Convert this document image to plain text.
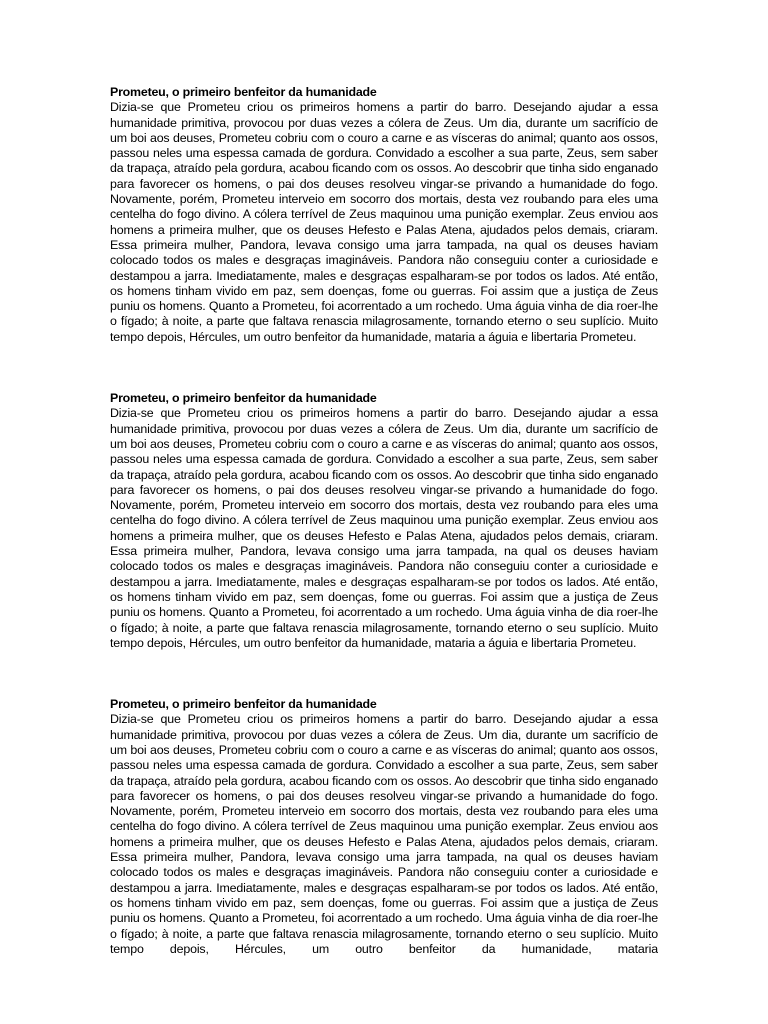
Prometeu, o primeiro benfeitor da humanidade

Dizia-se que Prometeu criou os primeiros homens a partir do barro. Desejando ajudar a essa humanidade primitiva, provocou por duas vezes a cólera de Zeus. Um dia, durante um sacrifício de um boi aos deuses, Prometeu cobriu com o couro a carne e as vísceras do animal; quanto aos ossos, passou neles uma espessa camada de gordura. Convidado a escolher a sua parte, Zeus, sem saber da trapaça, atraído pela gordura, acabou ficando com os ossos. Ao descobrir que tinha sido enganado para favorecer os homens, o pai dos deuses resolveu vingar-se privando a humanidade do fogo. Novamente, porém, Prometeu interveio em socorro dos mortais, desta vez roubando para eles uma centelha do fogo divino. A cólera terrível de Zeus maquinou uma punição exemplar. Zeus enviou aos homens a primeira mulher, que os deuses Hefesto e Palas Atena, ajudados pelos demais, criaram. Essa primeira mulher, Pandora, levava consigo uma jarra tampada, na qual os deuses haviam colocado todos os males e desgraças imagináveis. Pandora não conseguiu conter a curiosidade e destampou a jarra. Imediatamente, males e desgraças espalharam-se por todos os lados. Até então, os homens tinham vivido em paz, sem doenças, fome ou guerras. Foi assim que a justiça de Zeus puniu os homens. Quanto a Prometeu, foi acorrentado a um rochedo. Uma águia vinha de dia roer-lhe o fígado; à noite, a parte que faltava renascia milagrosamente, tornando eterno o seu suplício. Muito tempo depois, Hércules, um outro benfeitor da humanidade, mataria a águia e libertaria Prometeu.

Prometeu, o primeiro benfeitor da humanidade

Dizia-se que Prometeu criou os primeiros homens a partir do barro. Desejando ajudar a essa humanidade primitiva, provocou por duas vezes a cólera de Zeus. Um dia, durante um sacrifício de um boi aos deuses, Prometeu cobriu com o couro a carne e as vísceras do animal; quanto aos ossos, passou neles uma espessa camada de gordura. Convidado a escolher a sua parte, Zeus, sem saber da trapaça, atraído pela gordura, acabou ficando com os ossos. Ao descobrir que tinha sido enganado para favorecer os homens, o pai dos deuses resolveu vingar-se privando a humanidade do fogo. Novamente, porém, Prometeu interveio em socorro dos mortais, desta vez roubando para eles uma centelha do fogo divino. A cólera terrível de Zeus maquinou uma punição exemplar. Zeus enviou aos homens a primeira mulher, que os deuses Hefesto e Palas Atena, ajudados pelos demais, criaram. Essa primeira mulher, Pandora, levava consigo uma jarra tampada, na qual os deuses haviam colocado todos os males e desgraças imagináveis. Pandora não conseguiu conter a curiosidade e destampou a jarra. Imediatamente, males e desgraças espalharam-se por todos os lados. Até então, os homens tinham vivido em paz, sem doenças, fome ou guerras. Foi assim que a justiça de Zeus puniu os homens. Quanto a Prometeu, foi acorrentado a um rochedo. Uma águia vinha de dia roer-lhe o fígado; à noite, a parte que faltava renascia milagrosamente, tornando eterno o seu suplício. Muito tempo depois, Hércules, um outro benfeitor da humanidade, mataria a águia e libertaria Prometeu.

Prometeu, o primeiro benfeitor da humanidade

Dizia-se que Prometeu criou os primeiros homens a partir do barro. Desejando ajudar a essa humanidade primitiva, provocou por duas vezes a cólera de Zeus. Um dia, durante um sacrifício de um boi aos deuses, Prometeu cobriu com o couro a carne e as vísceras do animal; quanto aos ossos, passou neles uma espessa camada de gordura. Convidado a escolher a sua parte, Zeus, sem saber da trapaça, atraído pela gordura, acabou ficando com os ossos. Ao descobrir que tinha sido enganado para favorecer os homens, o pai dos deuses resolveu vingar-se privando a humanidade do fogo. Novamente, porém, Prometeu interveio em socorro dos mortais, desta vez roubando para eles uma centelha do fogo divino. A cólera terrível de Zeus maquinou uma punição exemplar. Zeus enviou aos homens a primeira mulher, que os deuses Hefesto e Palas Atena, ajudados pelos demais, criaram. Essa primeira mulher, Pandora, levava consigo uma jarra tampada, na qual os deuses haviam colocado todos os males e desgraças imagináveis. Pandora não conseguiu conter a curiosidade e destampou a jarra. Imediatamente, males e desgraças espalharam-se por todos os lados. Até então, os homens tinham vivido em paz, sem doenças, fome ou guerras. Foi assim que a justiça de Zeus puniu os homens. Quanto a Prometeu, foi acorrentado a um rochedo. Uma águia vinha de dia roer-lhe o fígado; à noite, a parte que faltava renascia milagrosamente, tornando eterno o seu suplício. Muito tempo depois, Hércules, um outro benfeitor da humanidade, mataria
